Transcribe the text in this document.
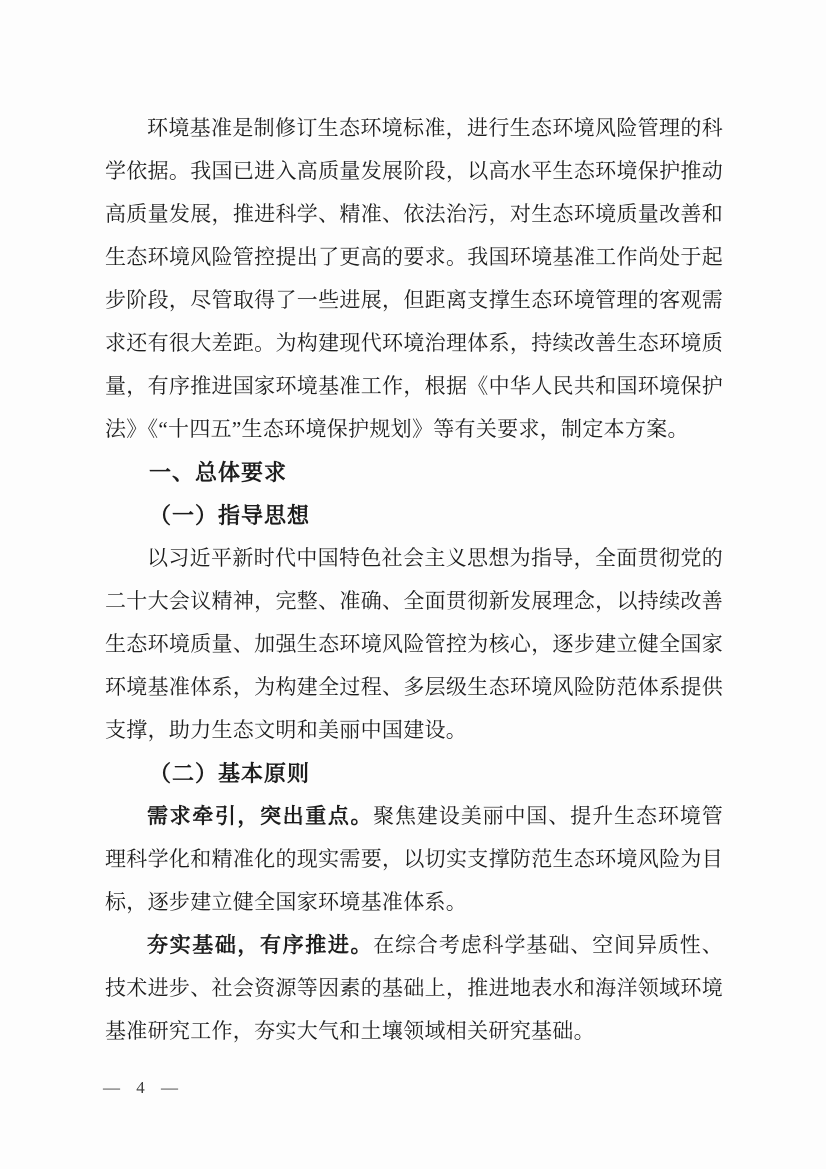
环境基准是制修订生态环境标准，进行生态环境风险管理的科学依据。我国已进入高质量发展阶段，以高水平生态环境保护推动高质量发展，推进科学、精准、依法治污，对生态环境质量改善和生态环境风险管控提出了更高的要求。我国环境基准工作尚处于起步阶段，尽管取得了一些进展，但距离支撑生态环境管理的客观需求还有很大差距。为构建现代环境治理体系，持续改善生态环境质量，有序推进国家环境基准工作，根据《中华人民共和国环境保护法》《“十四五”生态环境保护规划》等有关要求，制定本方案。

一、总体要求
（一）指导思想

以习近平新时代中国特色社会主义思想为指导，全面贯彻党的二十大会议精神，完整、准确、全面贯彻新发展理念，以持续改善生态环境质量、加强生态环境风险管控为核心，逐步建立健全国家环境基准体系，为构建全过程、多层级生态环境风险防范体系提供支撑，助力生态文明和美丽中国建设。

（二）基本原则

需求牵引，突出重点。聚焦建设美丽中国、提升生态环境管理科学化和精准化的现实需要，以切实支撑防范生态环境风险为目标，逐步建立健全国家环境基准体系。

夯实基础，有序推进。在综合考虑科学基础、空间异质性、技术进步、社会资源等因素的基础上，推进地表水和海洋领域环境基准研究工作，夯实大气和土壤领域相关研究基础。

— 4 —
